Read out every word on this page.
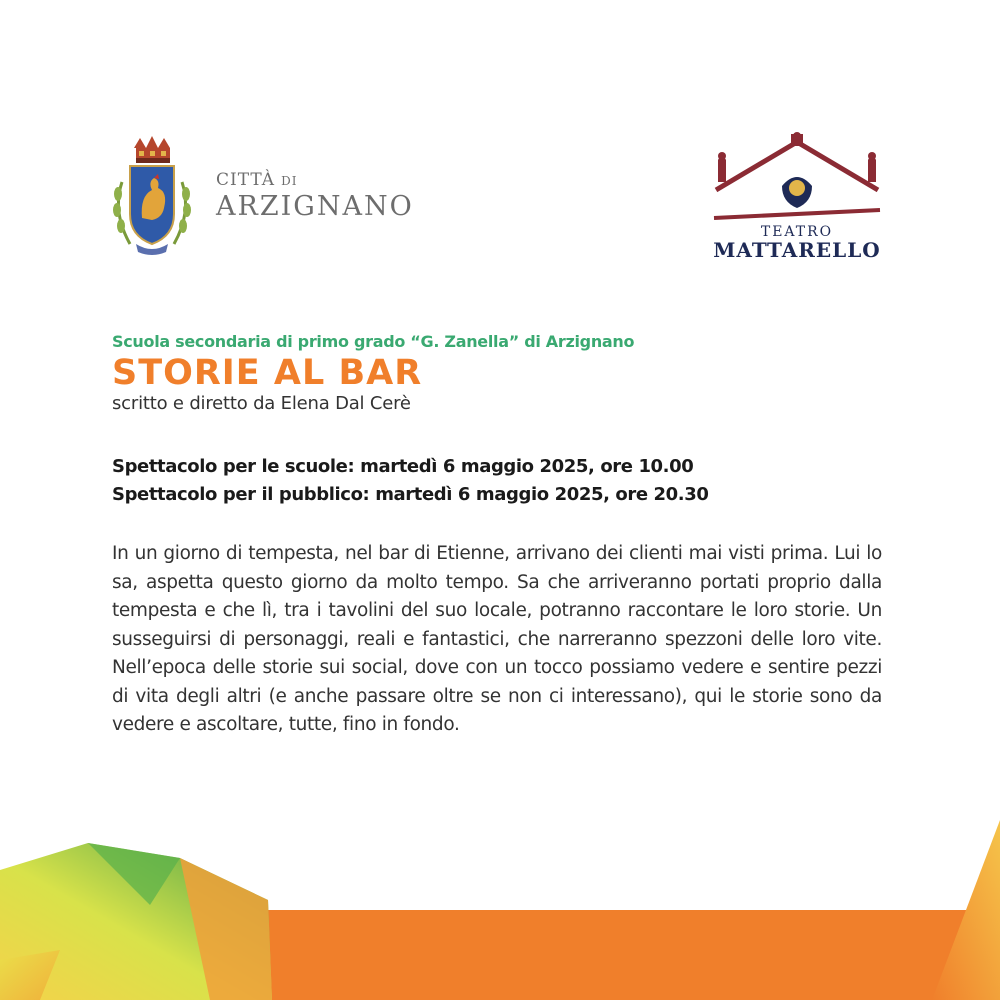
CITTÀ DI
ARZIGNANO
TEATRO
MATTARELLO
Scuola secondaria di primo grado “G. Zanella” di Arzignano
STORIE AL BAR
scritto e diretto da Elena Dal Cerè
Spettacolo per le scuole: martedì 6 maggio 2025, ore 10.00
Spettacolo per il pubblico: martedì 6 maggio 2025, ore 20.30
In un giorno di tempesta, nel bar di Etienne, arrivano dei clienti mai visti prima. Lui lo sa, aspetta questo giorno da molto tempo. Sa che arriveranno portati proprio dalla tempesta e che lì, tra i tavolini del suo locale, potranno raccontare le loro storie. Un susseguirsi di personaggi, reali e fantastici, che narreranno spezzoni delle loro vite. Nell’epoca delle storie sui social, dove con un tocco possiamo vedere e sentire pezzi di vita degli altri (e anche passare oltre se non ci interessano), qui le storie sono da vedere e ascoltare, tutte, fino in fondo.
